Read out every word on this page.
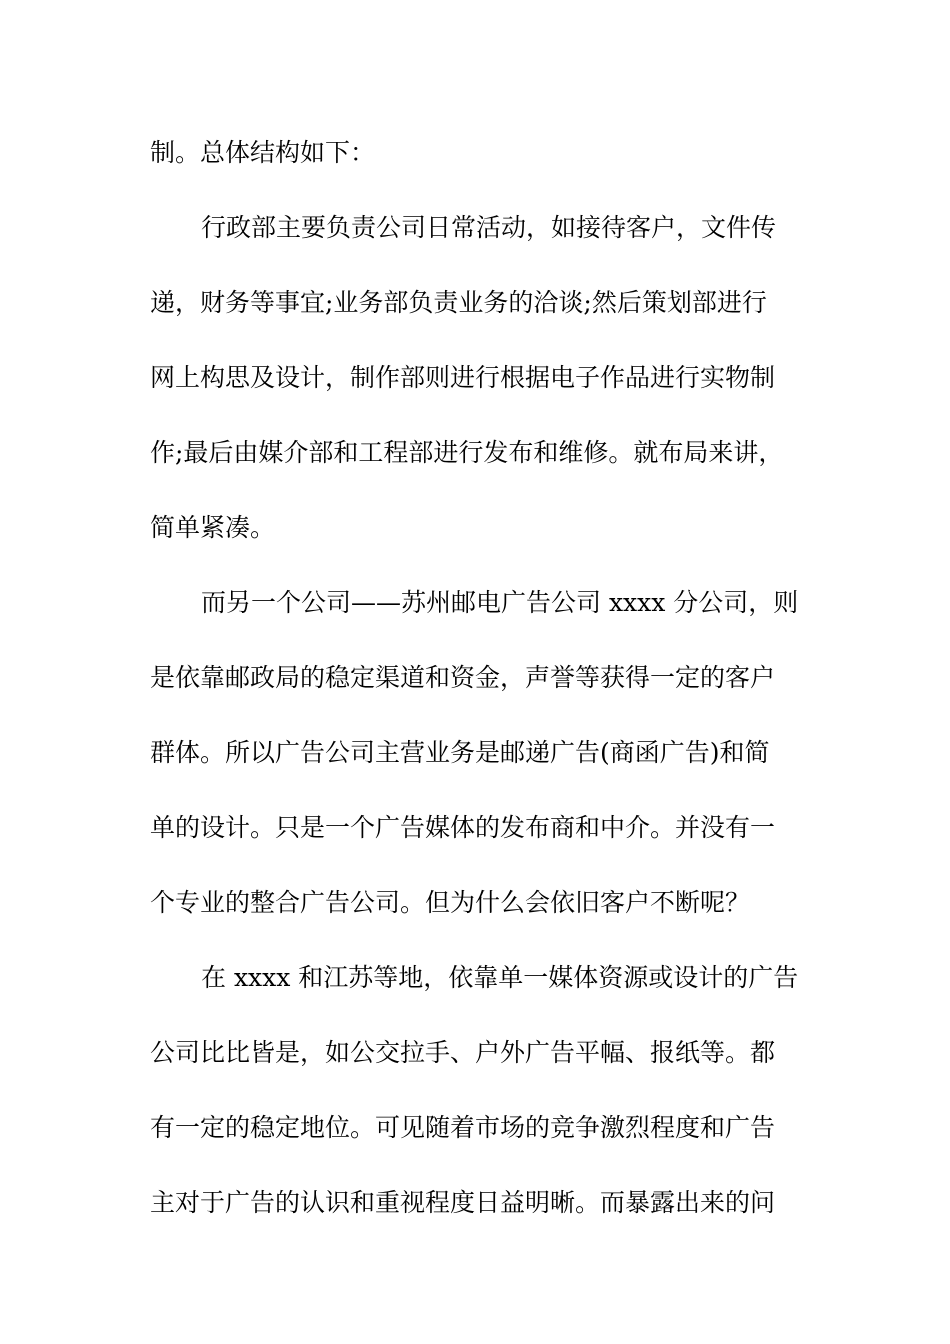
制。总体结构如下：
行政部主要负责公司日常活动，如接待客户，文件传
递，财务等事宜;业务部负责业务的洽谈;然后策划部进行
网上构思及设计，制作部则进行根据电子作品进行实物制
作;最后由媒介部和工程部进行发布和维修。就布局来讲，
简单紧凑。
而另一个公司——苏州邮电广告公司 xxxx 分公司，则
是依靠邮政局的稳定渠道和资金，声誉等获得一定的客户
群体。所以广告公司主营业务是邮递广告(商函广告)和简
单的设计。只是一个广告媒体的发布商和中介。并没有一
个专业的整合广告公司。但为什么会依旧客户不断呢？
在 xxxx 和江苏等地，依靠单一媒体资源或设计的广告
公司比比皆是，如公交拉手、户外广告平幅、报纸等。都
有一定的稳定地位。可见随着市场的竞争激烈程度和广告
主对于广告的认识和重视程度日益明晰。而暴露出来的问
